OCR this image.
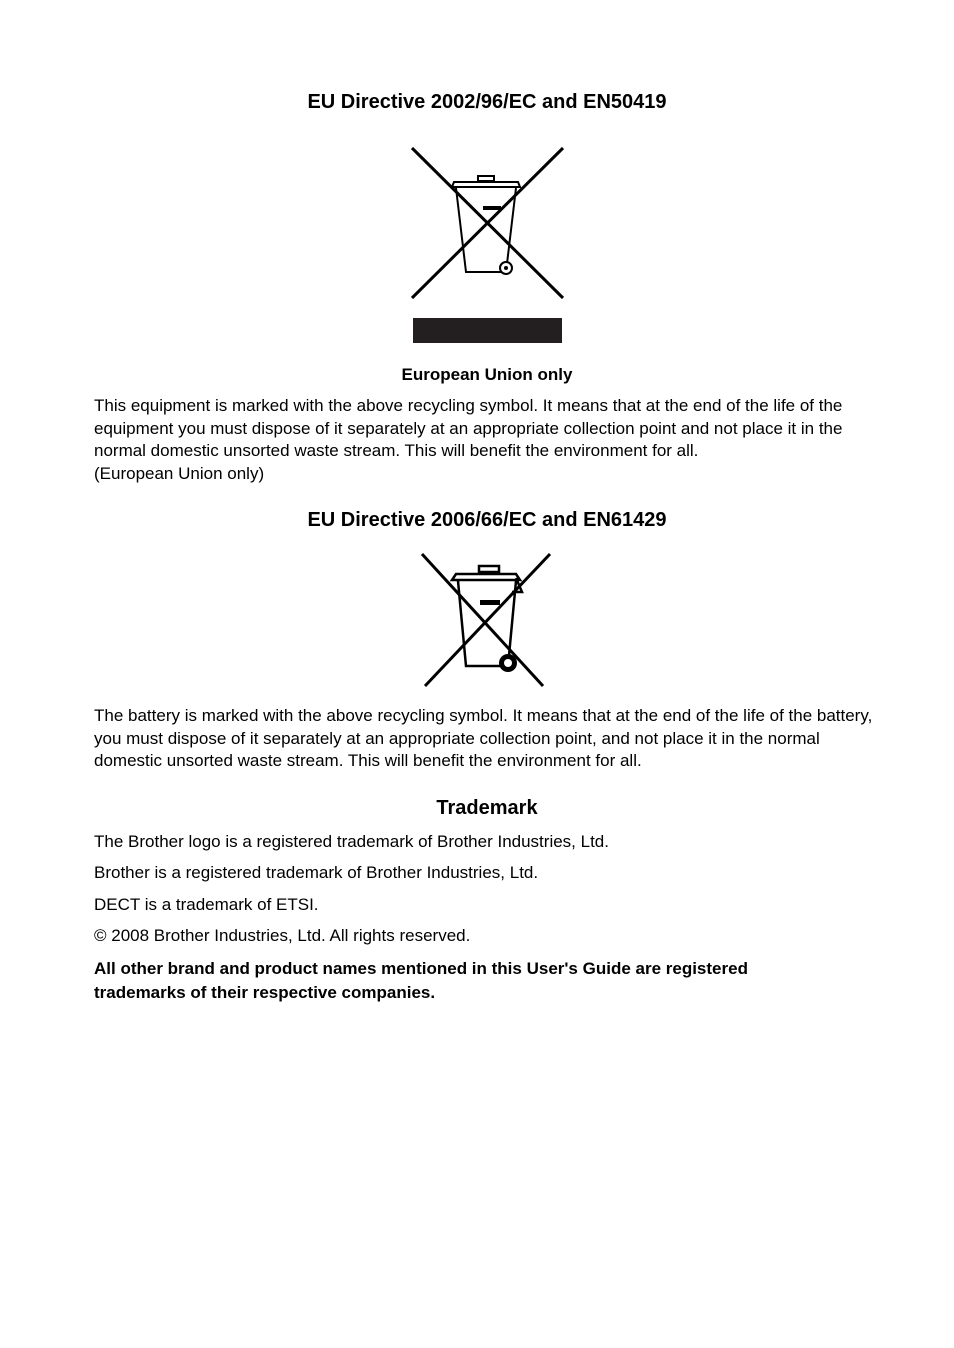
EU Directive 2002/96/EC and EN50419
European Union only
This equipment is marked with the above recycling symbol. It means that at the end of the life of the equipment you must dispose of it separately at an appropriate collection point and not place it in the normal domestic unsorted waste stream. This will benefit the environment for all.
(European Union only)
EU Directive 2006/66/EC and EN61429
The battery is marked with the above recycling symbol. It means that at the end of the life of the battery, you must dispose of it separately at an appropriate collection point, and not place it in the normal domestic unsorted waste stream. This will benefit the environment for all.
Trademark
The Brother logo is a registered trademark of Brother Industries, Ltd.
Brother is a registered trademark of Brother Industries, Ltd.
DECT is a trademark of ETSI.
© 2008 Brother Industries, Ltd. All rights reserved.
All other brand and product names mentioned in this User's Guide are registered trademarks of their respective companies.
